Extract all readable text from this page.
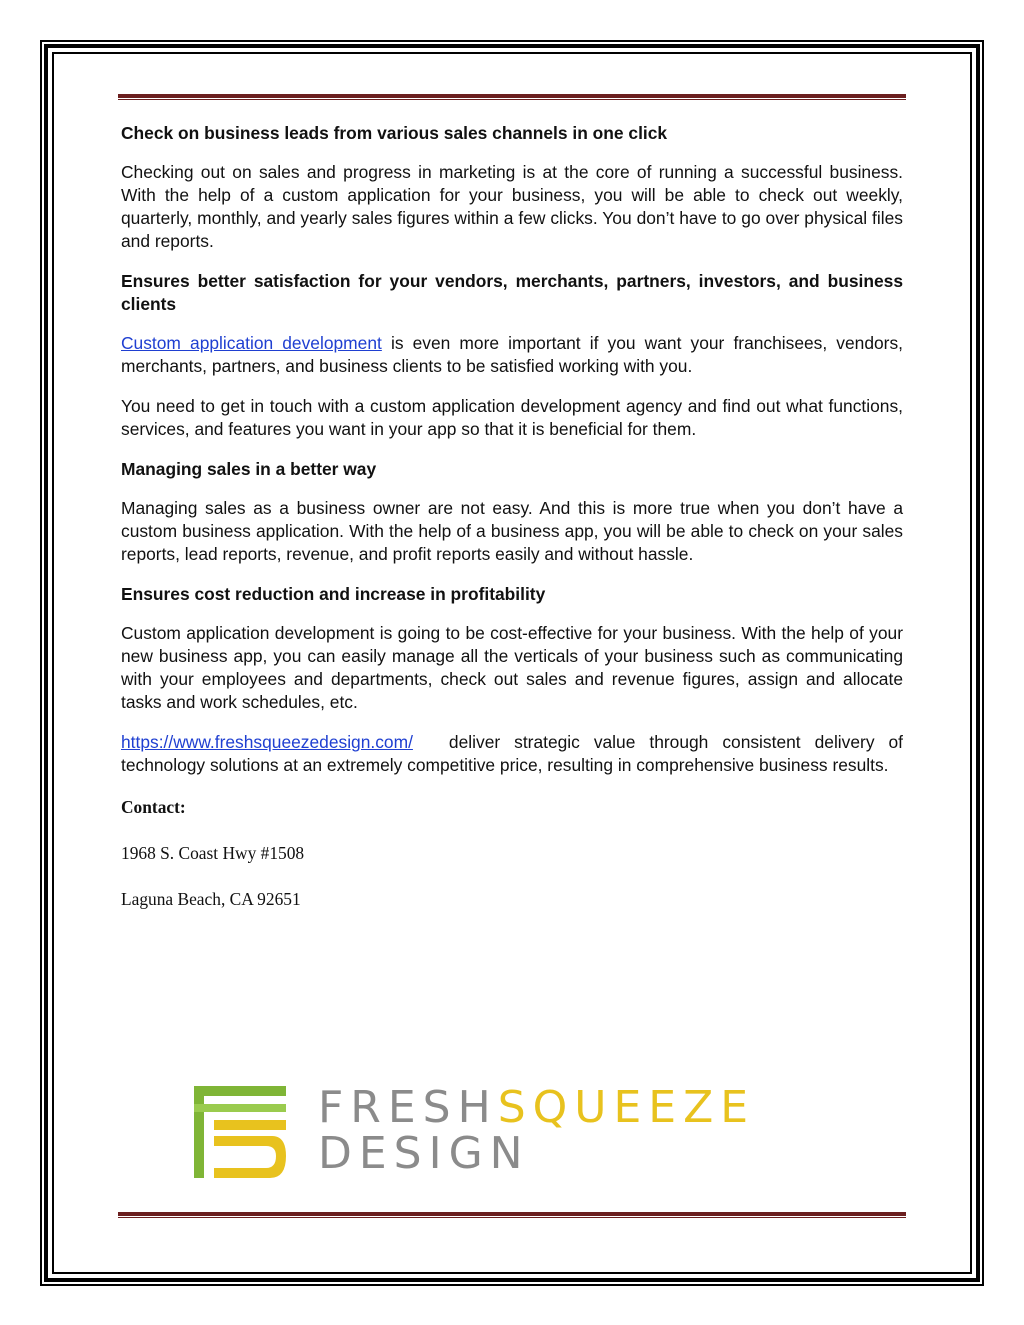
Check on business leads from various sales channels in one click

Checking out on sales and progress in marketing is at the core of running a successful business. With the help of a custom application for your business, you will be able to check out weekly, quarterly, monthly, and yearly sales figures within a few clicks. You don’t have to go over physical files and reports.

Ensures better satisfaction for your vendors, merchants, partners, investors, and business clients

Custom application development is even more important if you want your franchisees, vendors, merchants, partners, and business clients to be satisfied working with you.

You need to get in touch with a custom application development agency and find out what functions, services, and features you want in your app so that it is beneficial for them.

Managing sales in a better way

Managing sales as a business owner are not easy. And this is more true when you don’t have a custom business application. With the help of a business app, you will be able to check on your sales reports, lead reports, revenue, and profit reports easily and without hassle.

Ensures cost reduction and increase in profitability

Custom application development is going to be cost-effective for your business. With the help of your new business app, you can easily manage all the verticals of your business such as communicating with your employees and departments, check out sales and revenue figures, assign and allocate tasks and work schedules, etc.

https://www.freshsqueezedesign.com/ deliver strategic value through consistent delivery of technology solutions at an extremely competitive price, resulting in comprehensive business results.

Contact:

1968 S. Coast Hwy #1508

Laguna Beach, CA 92651

FRESHSQUEEZE
DESIGN
